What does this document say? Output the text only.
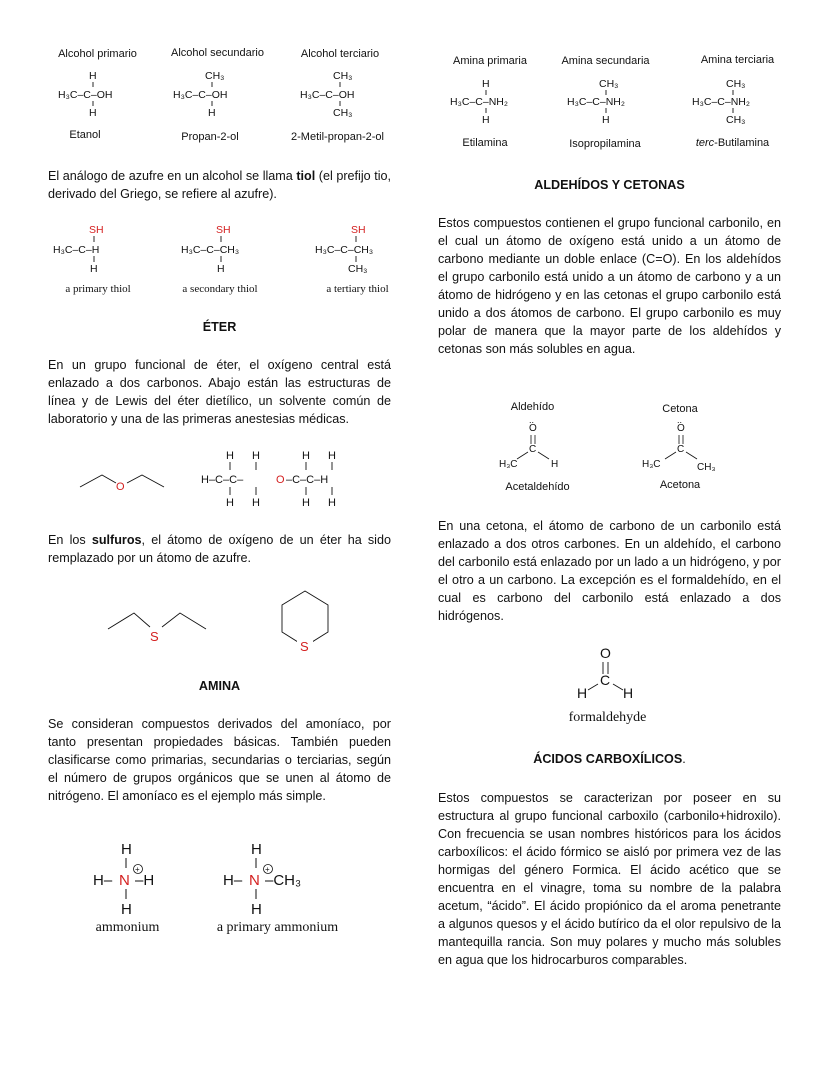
Alcohol primario	Alcohol secundario	Alcohol terciario
H
H₃C–C–OH
H
CH₃
H₃C–C–OH
H
CH₃
H₃C–C–OH
CH₃
Etanol	Propan-2-ol	2-Metil-propan-2-ol
El análogo de azufre en un alcohol se llama tiol (el prefijo tio, derivado del Griego, se refiere al azufre).
SH
H₃C–C–H
H
SH
H₃C–C–CH₃
H
SH
H₃C–C–CH₃
CH₃
a primary thiol	a secondary thiol	a tertiary thiol
ÉTER
En un grupo funcional de éter, el oxígeno central está enlazado a dos carbonos. Abajo están las estructuras de línea y de Lewis del éter dietílico, un solvente común de laboratorio y una de las primeras anestesias médicas.
O
H H	H H
H–C–C–	O –C–C–H
H H	H H
En los sulfuros, el átomo de oxígeno de un éter ha sido remplazado por un átomo de azufre.
S
S
AMINA
Se consideran compuestos derivados del amoníaco, por tanto presentan propiedades básicas. También pueden clasificarse como primarias, secundarias o terciarias, según el número de grupos orgánicos que se unen al átomo de nitrógeno. El amoníaco es el ejemplo más simple.
H
H– N –H
+
H
H
H– N –CH₃
+
H
ammonium	a primary ammonium
Amina primaria	Amina secundaria	Amina terciaria
H
H₃C–C–NH₂
H
CH₃
H₃C–C–NH₂
H
CH₃
H₃C–C–NH₂
CH₃
Etilamina	Isopropilamina	terc-Butilamina
ALDEHÍDOS Y CETONAS
Estos compuestos contienen el grupo funcional carbonilo, en el cual un átomo de oxígeno está unido a un átomo de carbono mediante un doble enlace (C=O). En los aldehídos el grupo carbonilo está unido a un átomo de carbono y a un átomo de hidrógeno y en las cetonas el grupo carbonilo está unido a dos átomos de carbono. El grupo carbonilo es muy polar de manera que la mayor parte de los aldehídos y cetonas son más solubles en agua.
Aldehído	Cetona
..
O
C
H₃C	H
..
O
C
H₃C	CH₃
Acetaldehído	Acetona
En una cetona, el átomo de carbono de un carbonilo está enlazado a dos otros carbones. En un aldehído, el carbono del carbonilo está enlazado por un lado a un hidrógeno, y por el otro a un carbono. La excepción es el formaldehído, en el cual es carbono del carbonilo está enlazado a dos hidrógenos.
O
C
H	H
formaldehyde
ÁCIDOS CARBOXÍLICOS.
Estos compuestos se caracterizan por poseer en su estructura al grupo funcional carboxilo (carbonilo+hidroxilo). Con frecuencia se usan nombres históricos para los ácidos carboxílicos: el ácido fórmico se aisló por primera vez de las hormigas del género Formica. El ácido acético que se encuentra en el vinagre, toma su nombre de la palabra acetum, “ácido”. El ácido propiónico da el aroma penetrante a algunos quesos y el ácido butírico da el olor repulsivo de la mantequilla rancia. Son muy polares y mucho más solubles en agua que los hidrocarburos comparables.
